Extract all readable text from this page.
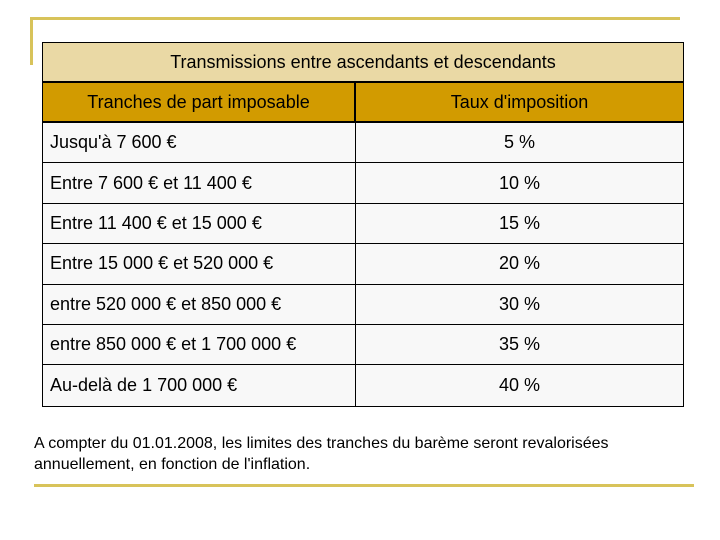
Transmissions entre ascendants et descendants
Tranches de part imposable	Taux d'imposition
Jusqu'à 7 600 €	5 %
Entre 7 600 € et 11 400 €	10 %
Entre 11 400 € et 15 000 €	15 %
Entre 15 000 € et 520 000 €	20 %
entre 520 000 € et 850 000 €	30 %
entre 850 000 € et 1 700 000 €	35 %
Au-delà de 1 700 000 €	40 %
A compter du 01.01.2008, les limites des tranches du barème seront revalorisées annuellement, en fonction de l'inflation.
